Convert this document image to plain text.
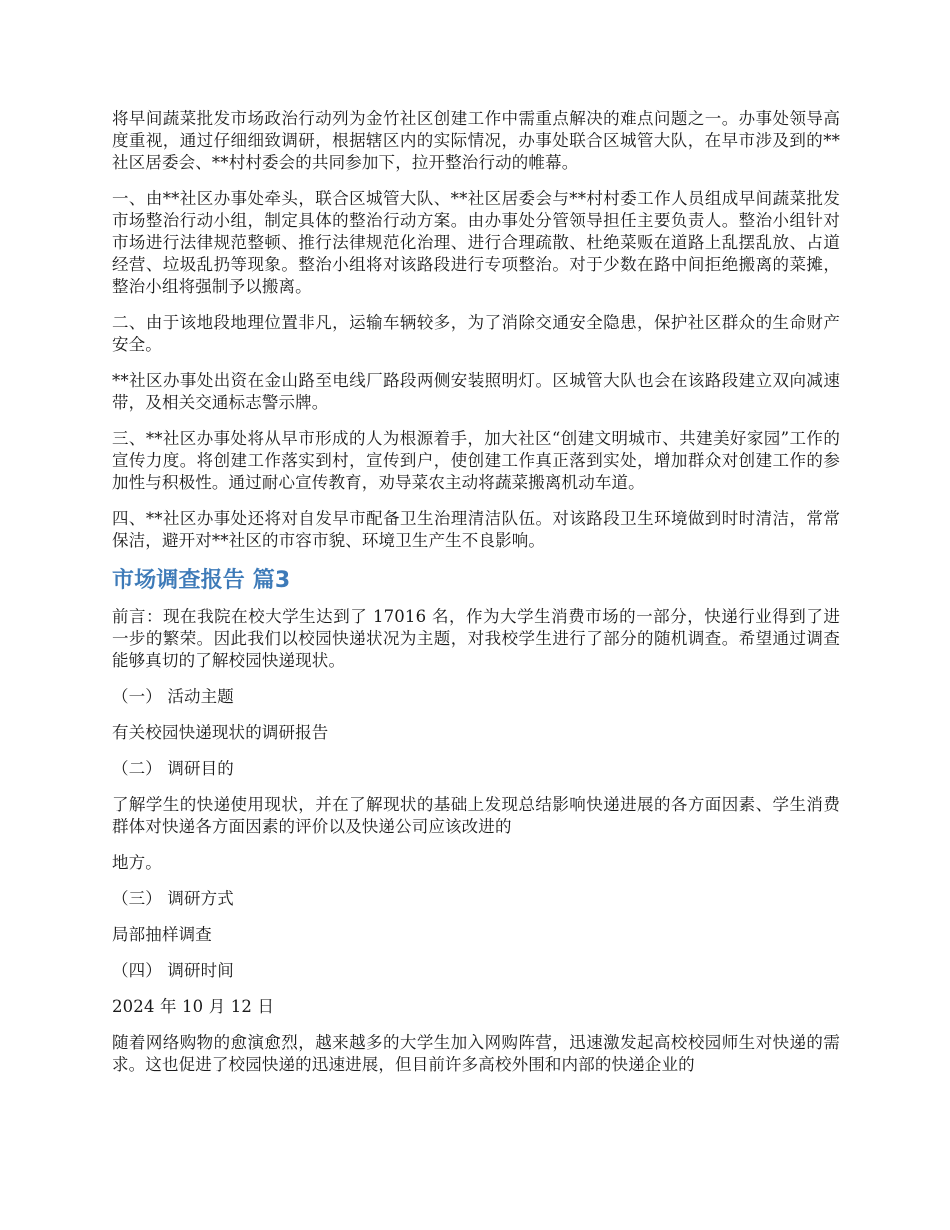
将早间蔬菜批发市场政治行动列为金竹社区创建工作中需重点解决的难点问题之一。办事处领导高度重视，通过仔细细致调研，根据辖区内的实际情况，办事处联合区城管大队，在早市涉及到的**社区居委会、**村村委会的共同参加下，拉开整治行动的帷幕。

一、由**社区办事处牵头，联合区城管大队、**社区居委会与**村村委工作人员组成早间蔬菜批发市场整治行动小组，制定具体的整治行动方案。由办事处分管领导担任主要负责人。整治小组针对市场进行法律规范整顿、推行法律规范化治理、进行合理疏散、杜绝菜贩在道路上乱摆乱放、占道经营、垃圾乱扔等现象。整治小组将对该路段进行专项整治。对于少数在路中间拒绝搬离的菜摊，整治小组将强制予以搬离。

二、由于该地段地理位置非凡，运输车辆较多，为了消除交通安全隐患，保护社区群众的生命财产安全。

**社区办事处出资在金山路至电线厂路段两侧安装照明灯。区城管大队也会在该路段建立双向减速带，及相关交通标志警示牌。

三、**社区办事处将从早市形成的人为根源着手，加大社区“创建文明城市、共建美好家园”工作的宣传力度。将创建工作落实到村，宣传到户，使创建工作真正落到实处，增加群众对创建工作的参加性与积极性。通过耐心宣传教育，劝导菜农主动将蔬菜搬离机动车道。

四、**社区办事处还将对自发早市配备卫生治理清洁队伍。对该路段卫生环境做到时时清洁，常常保洁，避开对**社区的市容市貌、环境卫生产生不良影响。

市场调查报告 篇3

前言：现在我院在校大学生达到了 17016 名，作为大学生消费市场的一部分，快递行业得到了进一步的繁荣。因此我们以校园快递状况为主题，对我校学生进行了部分的随机调查。希望通过调查能够真切的了解校园快递现状。

（一） 活动主题

有关校园快递现状的调研报告

（二） 调研目的

了解学生的快递使用现状，并在了解现状的基础上发现总结影响快递进展的各方面因素、学生消费群体对快递各方面因素的评价以及快递公司应该改进的

地方。

（三） 调研方式

局部抽样调查

（四） 调研时间

2024 年 10 月 12 日

随着网络购物的愈演愈烈，越来越多的大学生加入网购阵营，迅速激发起高校校园师生对快递的需求。这也促进了校园快递的迅速进展，但目前许多高校外围和内部的快递企业的
